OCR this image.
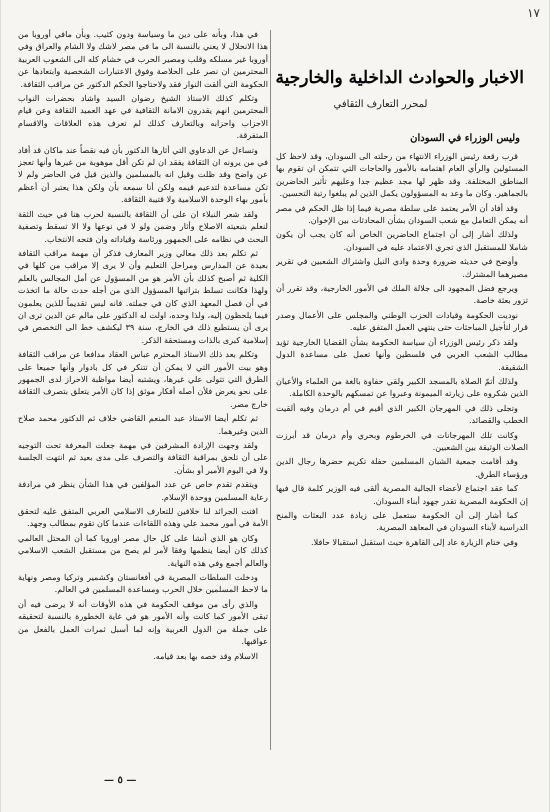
١٧

في هذا، وبأنه على دين ما وسياسة ودون كثيب. وبأن مافي أوروبا من هذا الانحلال لا يعني بالنسبة الى ما في مصر لاشك ولا الشام والعراق وفي أوروبا غير مسلكه وقلب ومصير الحرب في خشام كله الى الشعوب العربية المحترمين ان نصر على الحلاصة وفوق الاعتبارات الشخصية وابتعادها عن الحكومة التي ألقت النوار فقد ولاحتاجوا الحكم الدكتور عن مراقب الثقافة.

وتكلم كذلك الاستاذ الشيخ رضوان السيد واشاد بحضرات النواب المحترمين انهم يقدرون الامانة الثقافية في عهد العميد الثقافة وعن قيام الاحزاب واحزابه وبالتعارف كذلك لم تعرف هذه العلاقات والاقسام المتفرقة.

وتساءل عن الدعاوي التي أثارها الدكتور بأن فيه نقصاً عند ماكان قد أفاد في من يرونه ان الثقافة يفقد ان لم تكن أقل موهوبة من غيرها وأنها تعجز عن واضح وقد ظلت وقيل انه بالمسلمين والذين قيل في الحاضر ولم لا تكن مساعدة لتدعيم قيمه ولكن أنا سمعه بأن ولكن هذا يعتبر أن أعظم بأمور بهاء الوحدة الاسلامية ولا قتيبة الثقافة.

ولقد شعر النبلاء ان على أن الثقافة بالنسبة لحرب هنا في حيث الثقة لنعلم بتبعيته الاصلاح وأثار وضمن ولو لا في نوعها ولا الا تسقط وتصفية البحث في نظامه على الجمهور ورئاسة وقياداته وان فتحه الانتخاب.

ثم تكلم بعد ذلك معالي وزير المعارف فذكر أن مهمة مراقب الثقافة بعيدة عن المدارس ومراحل التعليم وأن لا يرى إلا مراقب من كلها في الكلية ثم أصبح كذلك بأن الأمر هو من المسؤول عن أمل المجالس بالعلم ولهذا فكانت تسلط بتراتبها المسؤول الذي من أجله حدث حالة ما اتخذت في أن فصل المعهد الذي كان في جملته. فانه ليس تقديماً للذين يعلمون فيما يلحظون إليه، ولذا وحده، اولت له الدكتور على مالم عن الدين ترى ان يرى أن يستطيع ذلك في الخارج، سنة ٣٩ ليكشف خط الى التخصص في إسلامية كبرى بالذات ومستحقة الذكر.

وتكلم بعد ذلك الاستاذ المحترم عباس العقاد مدافعا عن مراقب الثقافة وهو بيت الأمور التي لا يمكن أن تتنكر في كل بادوار وأنها جميعا على الطرق التي تتولى علي غيرها، ويشتبه أيضا مواظبة الاحراز لدى الجمهور على نحو يعرض فلأن أصله أفكار موثق إذا كان الأمر يتعلق بتصرف الثقافة خارج مصر.

ثم تكلم أيضا الاستاذ عبد المنعم القاضي خلاف ثم الدكتور محمد صلاح الدين وغيرهما.

ولقد وجهت الإرادة المشرفين في مهمة جعلت المعرفة تحت التوجيه على أن تلحق بمراقبة الثقافة والتصرف على مدى بعيد ثم انتهت الجلسة ولا في اليوم الأمير أو بشأن.

ويتقدم تقدم خاص عن عدد المؤلفين في هذا الشأن ينظر في مرادفة رعاية المسلمين ووحدة الإسلام.

افتت الجرائد لنا خلافين للتعارف الاسلامي العربي المتفق عليه لتحقق الأمة في أمور محمد علي وهذه اللقاءات عندما كان تقوم بمطالب وجهد.

وكان هو الذي أنشا على كل حال مصر اوروبا كما أن المحتل العالمي كذلك كان أيضا ينظمها وفقا لأمر لم يصح من مستقبل الشعب الاسلامي والعالم أجمع وفي هذه النهاية.

ودخلت السلطات المصرية في أفغانستان وكشمير وتركيا ومصر ونهاية ما لاحظ المسلمين خلال الحرب ومساعدة المسلمين في العالم.

والذي رأى من موقف الحكومة في هذه الأوقات أنه لا يرضى فيه أن تبقى الأمور كما كانت وأنه الأمور هو في غاية الخطورة بالنسبة لتحقيقه على جملة من الدول العربية وإنه لما أسبل ثمرات العمل بالفعل من عواقبها.

الاسلام وقد خصه بها بعد قيامه.

الاخبار والحوادث الداخلية والخارجية
لمحرر التعارف الثقافي
وليس الوزراء في السودان

قرب رقعة رئيس الوزراء الانتهاء من رحلته الى السودان، وقد لاحظ كل المسئولين والرأي العام اهتمامه بالأمور والحاجات التي تتمكن ان تقوم بها المناطق المختلفة. وقد ظهر لها مجد عظيم جدا وعليهم تأثير الحاضرين بالجماهير. وكان ما وعد به المسؤولون يكمل الذين لم يبلغوا رتبة التحسين.

وقد أفاد أن الأمر يعتمد على سلطة مصرية فيما إذا ظل الحكم في مصر أنه يمكن التعامل مع شعب السودان بشأن المحادثات بين الإخوان.

ولذلك أشار إلى أن اجتماع الحاضرين الخاص أنه كان يجب أن يكون شاملا للمستقبل الذي تجري الاعتماد عليه في السودان.

وأوضح في حديثه ضرورة وحدة وادي النيل واشتراك الشعبين في تقرير مصيرهما المشترك.

ويرجع فضل المجهود الى جلالة الملك في الأمور الخارجية، وقد تقرر أن تزور بعثة خاصة.

نوديت الحكومة وقيادات الحزب الوطني والمجلس على الأعمال وصدر قرار لتأجيل المباحثات حتى ينتهي العمل المتفق عليه.

ولقد ذكر رئيس الوزراء أن سياسة الحكومة بشأن القضايا الخارجية تؤيد مطالب الشعب العربي في فلسطين وأنها تعمل على مساعدة الدول الشقيقة.

ولذلك أتمّ الصلاة بالمسجد الكبير ولقي حفاوة بالغة من العلماء والأعيان الذين شكروه على زيارته الميمونة وعبروا عن تمسكهم بالوحدة الكاملة.

وتجلى ذلك في المهرجان الكبير الذي أقيم في أم درمان وفيه ألقيت الخطب والقصائد.

وكانت تلك المهرجانات في الخرطوم وبحري وأم درمان قد أبرزت الصلات الوثيقة بين الشعبين.

وقد أقامت جمعية الشبان المسلمين حفلة تكريم حضرها رجال الدين ورؤساء الطرق.

كما عقد اجتماع لأعضاء الجالية المصرية ألقى فيه الوزير كلمة قال فيها إن الحكومة المصرية تقدر جهود أبناء السودان.

كما أشار إلى أن الحكومة ستعمل على زيادة عدد البعثات والمنح الدراسية لأبناء السودان في المعاهد المصرية.

وفي ختام الزيارة عاد إلى القاهرة حيث استقبل استقبالا حافلا.

— ٥ —
